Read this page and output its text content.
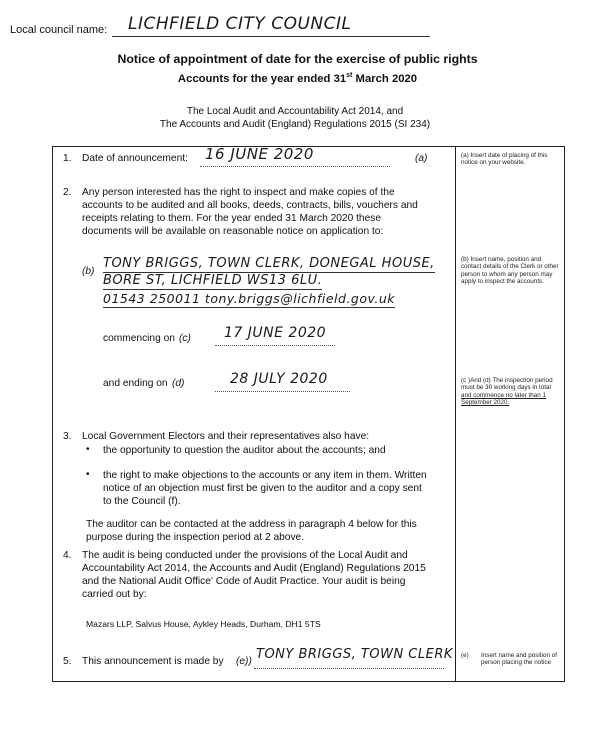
Local council name: LICHFIELD CITY COUNCIL
Notice of appointment of date for the exercise of public rights
Accounts for the year ended 31st March 2020
The Local Audit and Accountability Act 2014, and
The Accounts and Audit (England) Regulations 2015 (SI 234)
1. Date of announcement: 16 JUNE 2020	(a)	(a) Insert date of placing of this notice on your website.
2. Any person interested has the right to inspect and make copies of the
accounts to be audited and all books, deeds, contracts, bills, vouchers and
receipts relating to them. For the year ended 31 March 2020 these
documents will be available on reasonable notice on application to:
(b)
TONY BRIGGS, TOWN CLERK, DONEGAL HOUSE,
BORE ST, LICHFIELD WS13 6LU.
01543 250011 tony.briggs@lichfield.gov.uk
commencing on (c) 17 JUNE 2020
and ending on (d)	28 JULY 2020
(b) Insert name, position and contact details of the Clerk or other person to whom any person may apply to inspect the accounts.
(c )And (d) The inspection period must be 30 working days in total and commence no later than 1 September 2020.
3. Local Government Electors and their representatives also have:
• the opportunity to question the auditor about the accounts; and
• the right to make objections to the accounts or any item in them. Written
notice of an objection must first be given to the auditor and a copy sent
to the Council (f).
The auditor can be contacted at the address in paragraph 4 below for this
purpose during the inspection period at 2 above.
4. The audit is being conducted under the provisions of the Local Audit and
Accountability Act 2014, the Accounts and Audit (England) Regulations 2015
and the National Audit Office' Code of Audit Practice. Your audit is being
carried out by:
Mazars LLP, Salvus House, Aykley Heads, Durham, DH1 5TS
5. This announcement is made by (e)) TONY BRIGGS, TOWN CLERK (e) Insert name and position of person placing the notice
